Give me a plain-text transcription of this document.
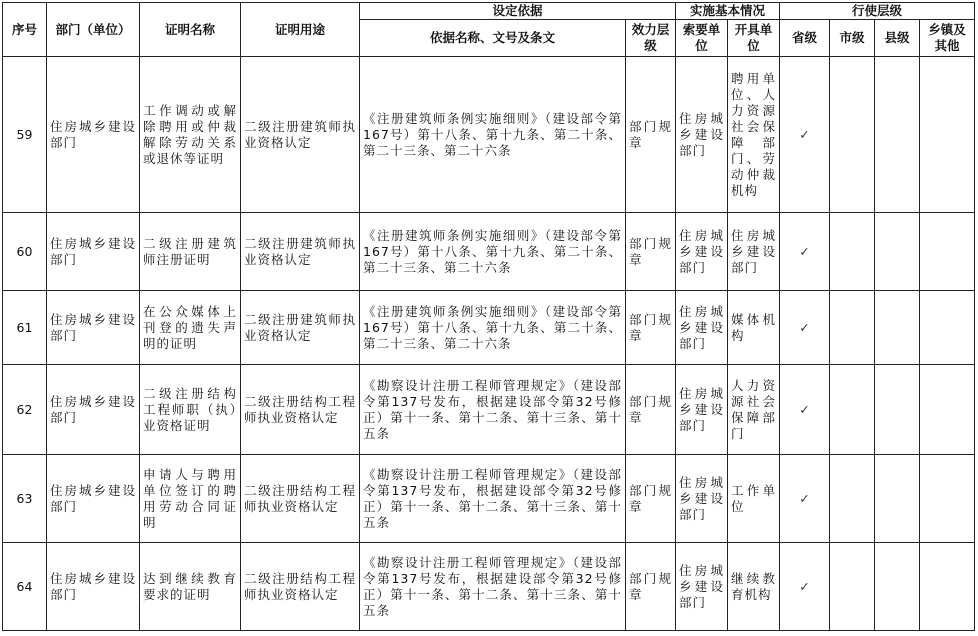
序号	部门（单位）	证明名称	证明用途	设定依据		实施基本情况		行使层级			
				依据名称、文号及条文	效力层级	索要单位	开具单位	省级	市级	县级	乡镇及其他
59	住房城乡建设部门	工作调动或解除聘用或仲裁解除劳动关系或退休等证明	二级注册建筑师执业资格认定	《注册建筑师条例实施细则》（建设部令第167号）第十八条、第十九条、第二十条、第二十三条、第二十六条	部门规章	住房城乡建设部门	聘用单位、人力资源社会保障部门、劳动仲裁机构	✓			
60	住房城乡建设部门	二级注册建筑师注册证明	二级注册建筑师执业资格认定	《注册建筑师条例实施细则》（建设部令第167号）第十八条、第十九条、第二十条、第二十三条、第二十六条	部门规章	住房城乡建设部门	住房城乡建设部门	✓			
61	住房城乡建设部门	在公众媒体上刊登的遗失声明的证明	二级注册建筑师执业资格认定	《注册建筑师条例实施细则》（建设部令第167号）第十八条、第十九条、第二十条、第二十三条、第二十六条	部门规章	住房城乡建设部门	媒体机构	✓			
62	住房城乡建设部门	二级注册结构工程师职（执）业资格证明	二级注册结构工程师执业资格认定	《勘察设计注册工程师管理规定》（建设部令第137号发布，根据建设部令第32号修正）第十一条、第十二条、第十三条、第十五条	部门规章	住房城乡建设部门	人力资源社会保障部门	✓			
63	住房城乡建设部门	申请人与聘用单位签订的聘用劳动合同证明	二级注册结构工程师执业资格认定	《勘察设计注册工程师管理规定》（建设部令第137号发布，根据建设部令第32号修正）第十一条、第十二条、第十三条、第十五条	部门规章	住房城乡建设部门	工作单位	✓			
64	住房城乡建设部门	达到继续教育要求的证明	二级注册结构工程师执业资格认定	《勘察设计注册工程师管理规定》（建设部令第137号发布，根据建设部令第32号修正）第十一条、第十二条、第十三条、第十五条	部门规章	住房城乡建设部门	继续教育机构	✓			
